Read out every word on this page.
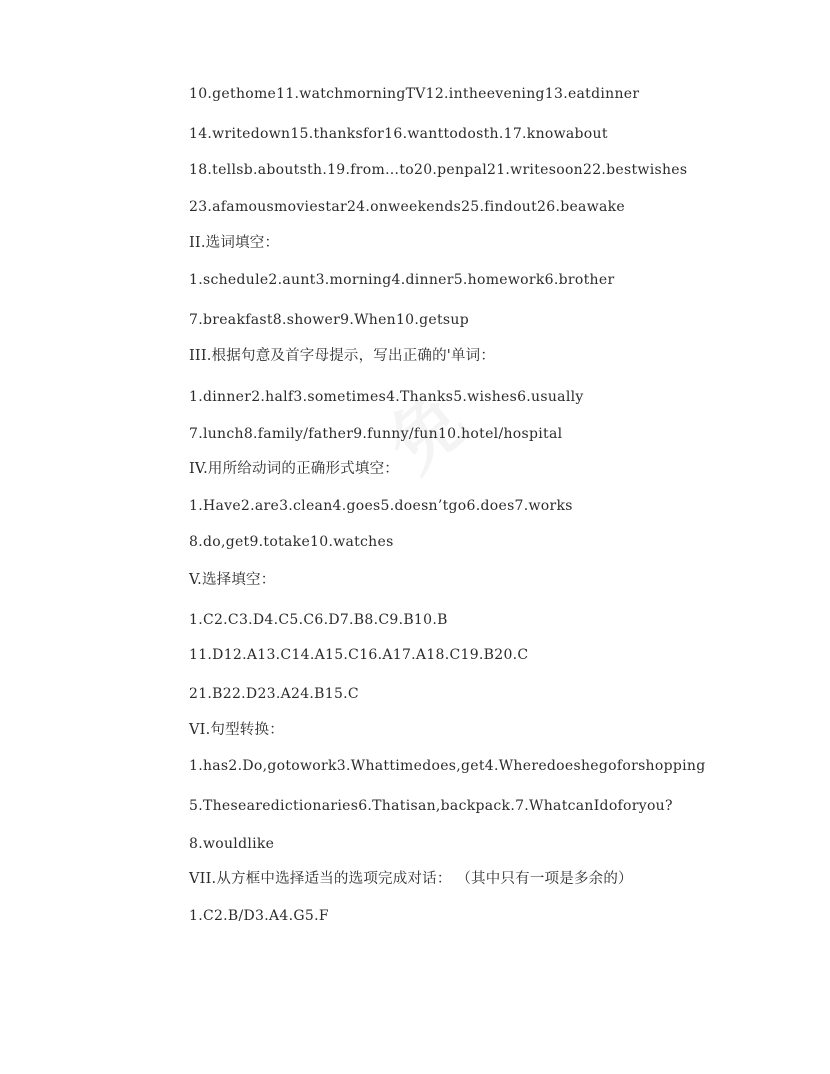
10.gethome11.watchmorningTV12.intheevening13.eatdinner
14.writedown15.thanksfor16.wanttodosth.17.knowabout
18.tellsb.aboutsth.19.from…to20.penpal21.writesoon22.bestwishes
23.afamousmoviestar24.onweekends25.findout26.beawake
II.选词填空：
1.schedule2.aunt3.morning4.dinner5.homework6.brother
7.breakfast8.shower9.When10.getsup
III.根据句意及首字母提示，写出正确的'单词：
1.dinner2.half3.sometimes4.Thanks5.wishes6.usually
7.lunch8.family/father9.funny/fun10.hotel/hospital
IV.用所给动词的正确形式填空：
1.Have2.are3.clean4.goes5.doesn’tgo6.does7.works
8.do,get9.totake10.watches
V.选择填空：
1.C2.C3.D4.C5.C6.D7.B8.C9.B10.B
11.D12.A13.C14.A15.C16.A17.A18.C19.B20.C
21.B22.D23.A24.B15.C
VI.句型转换：
1.has2.Do,gotowork3.Whattimedoes,get4.Wheredoeshegoforshopping
5.Thesearedictionaries6.Thatisan,backpack.7.WhatcanIdoforyou?
8.wouldlike
VII.从方框中选择适当的选项完成对话： （其中只有一项是多余的）
1.C2.B/D3.A4.G5.F
